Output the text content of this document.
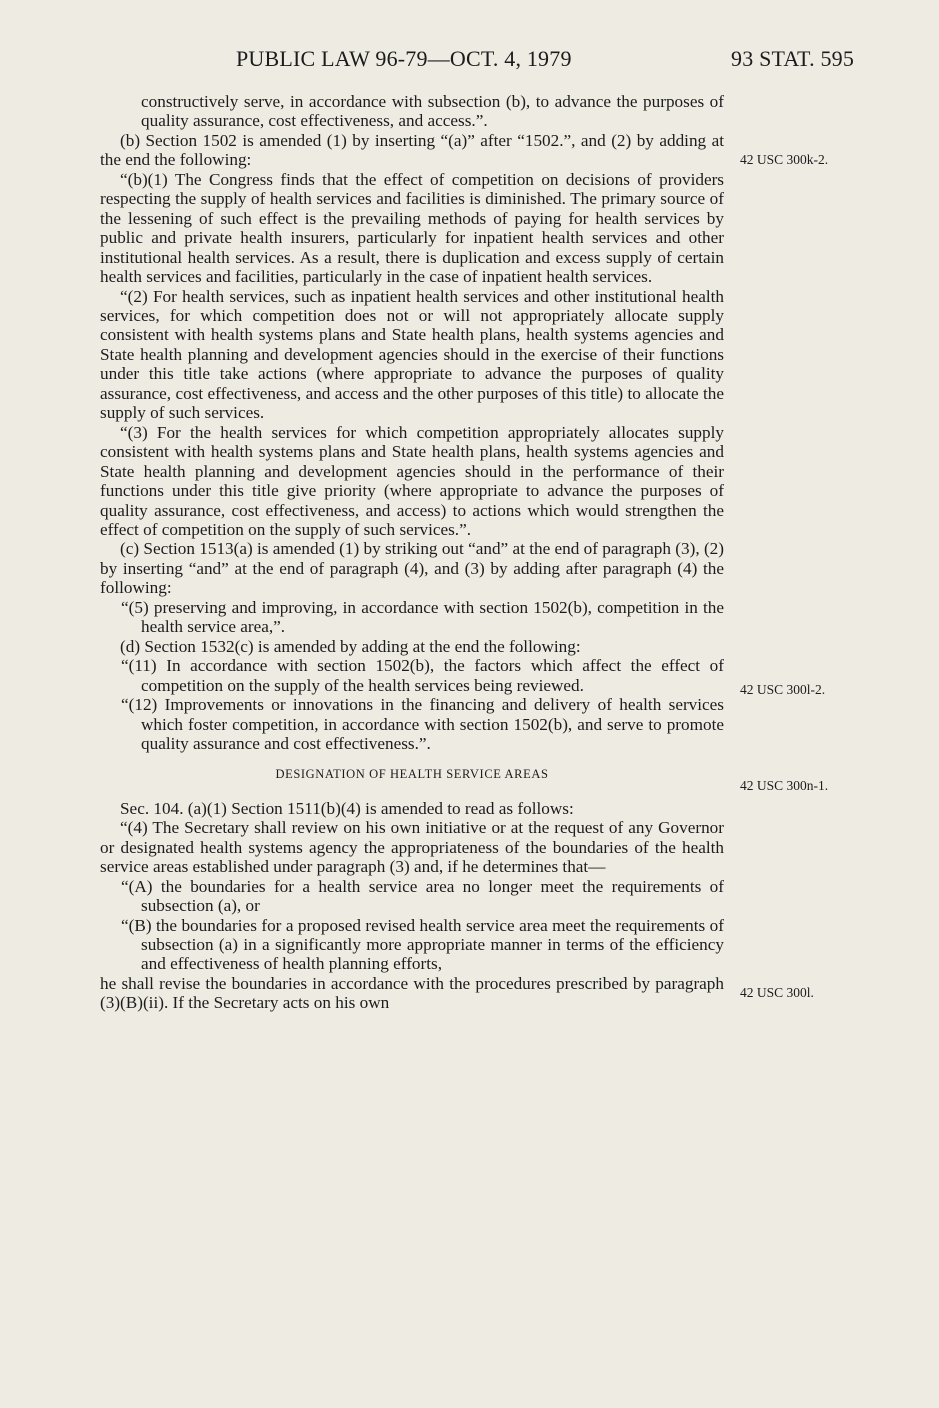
PUBLIC LAW 96-79—OCT. 4, 1979	93 STAT. 595
42 USC 300k-2.
42 USC 300l-2.
42 USC 300n-1.
42 USC 300l.

constructively serve, in accordance with subsection (b), to advance the purposes of quality assurance, cost effectiveness, and access.”.

(b) Section 1502 is amended (1) by inserting “(a)” after “1502.”, and (2) by adding at the end the following:

“(b)(1) The Congress finds that the effect of competition on decisions of providers respecting the supply of health services and facilities is diminished. The primary source of the lessening of such effect is the prevailing methods of paying for health services by public and private health insurers, particularly for inpatient health services and other institutional health services. As a result, there is duplication and excess supply of certain health services and facilities, particularly in the case of inpatient health services.

“(2) For health services, such as inpatient health services and other institutional health services, for which competition does not or will not appropriately allocate supply consistent with health systems plans and State health plans, health systems agencies and State health planning and development agencies should in the exercise of their functions under this title take actions (where appropriate to advance the purposes of quality assurance, cost effectiveness, and access and the other purposes of this title) to allocate the supply of such services.

“(3) For the health services for which competition appropriately allocates supply consistent with health systems plans and State health plans, health systems agencies and State health planning and development agencies should in the performance of their functions under this title give priority (where appropriate to advance the purposes of quality assurance, cost effectiveness, and access) to actions which would strengthen the effect of competition on the supply of such services.”.

(c) Section 1513(a) is amended (1) by striking out “and” at the end of paragraph (3), (2) by inserting “and” at the end of paragraph (4), and (3) by adding after paragraph (4) the following:

“(5) preserving and improving, in accordance with section 1502(b), competition in the health service area,”.

(d) Section 1532(c) is amended by adding at the end the following:

“(11) In accordance with section 1502(b), the factors which affect the effect of competition on the supply of the health services being reviewed.

“(12) Improvements or innovations in the financing and delivery of health services which foster competition, in accordance with section 1502(b), and serve to promote quality assurance and cost effectiveness.”.

DESIGNATION OF HEALTH SERVICE AREAS

Sec. 104. (a)(1) Section 1511(b)(4) is amended to read as follows:

“(4) The Secretary shall review on his own initiative or at the request of any Governor or designated health systems agency the appropriateness of the boundaries of the health service areas established under paragraph (3) and, if he determines that—

“(A) the boundaries for a health service area no longer meet the requirements of subsection (a), or

“(B) the boundaries for a proposed revised health service area meet the requirements of subsection (a) in a significantly more appropriate manner in terms of the efficiency and effectiveness of health planning efforts,

he shall revise the boundaries in accordance with the procedures prescribed by paragraph (3)(B)(ii). If the Secretary acts on his own
